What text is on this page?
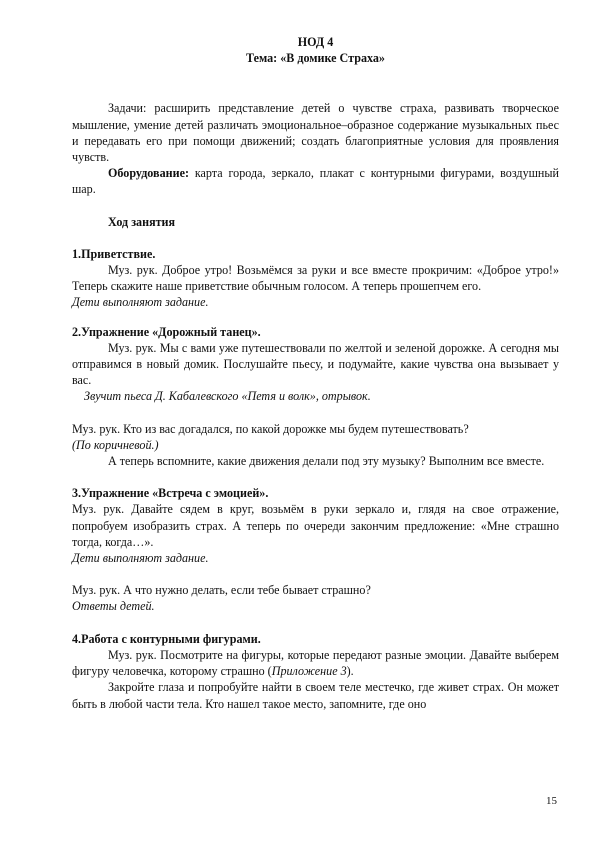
НОД 4

Тема: «В домике Страха»

Задачи: расширить представление детей о чувстве страха, развивать творческое мышление, умение детей различать эмоциональное–образное содержание музыкальных пьес и передавать его при помощи движений; создать благоприятные условия для проявления чувств.

Оборудование: карта города, зеркало, плакат с контурными фигурами, воздушный шар.

Ход занятия

1.Приветствие.

Муз. рук. Доброе утро! Возьмёмся за руки и все вместе прокричим: «Доброе утро!» Теперь скажите наше приветствие обычным голосом. А теперь прошепчем его.

Дети выполняют задание.

2.Упражнение «Дорожный танец».

Муз. рук. Мы с вами уже путешествовали по желтой и зеленой дорожке. А сегодня мы отправимся в новый домик. Послушайте пьесу, и подумайте, какие чувства она вызывает у вас.

Звучит пьеса Д. Кабалевского «Петя и волк», отрывок.

Муз. рук. Кто из вас догадался, по какой дорожке мы будем путешествовать?

(По коричневой.)

А теперь вспомните, какие движения делали под эту музыку? Выполним все вместе.

3.Упражнение «Встреча с эмоцией».

Муз. рук. Давайте сядем в круг, возьмём в руки зеркало и, глядя на свое отражение, попробуем изобразить страх. А теперь по очереди закончим предложение: «Мне страшно тогда, когда…».

Дети выполняют задание.

Муз. рук. А что нужно делать, если тебе бывает страшно?

Ответы детей.

4.Работа с контурными фигурами.

Муз. рук. Посмотрите на фигуры, которые передают разные эмоции. Давайте выберем фигуру человечка, которому страшно (Приложение 3).

Закройте глаза и попробуйте найти в своем теле местечко, где живет страх. Он может быть в любой части тела. Кто нашел такое место, запомните, где оно

15
